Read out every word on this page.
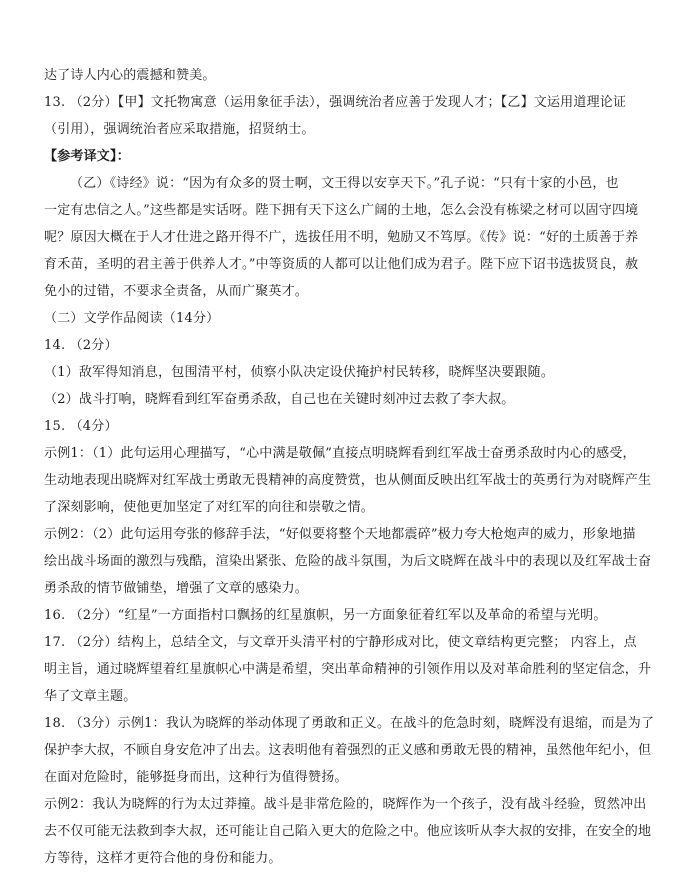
达了诗人内心的震撼和赞美。
13. （2分）【甲】文托物寓意（运用象征手法），强调统治者应善于发现人才；【乙】文运用道理论证
（引用），强调统治者应采取措施，招贤纳士。
【参考译文】：
（乙）《诗经》说：“因为有众多的贤士啊，文王得以安享天下。”孔子说：“只有十家的小邑，也
一定有忠信之人。”这些都是实话呀。陛下拥有天下这么广阔的土地，怎么会没有栋梁之材可以固守四境
呢？原因大概在于人才仕进之路开得不广，选拔任用不明，勉励又不笃厚。《传》说：“好的土质善于养
育禾苗，圣明的君主善于供养人才。”中等资质的人都可以让他们成为君子。陛下应下诏书选拔贤良，赦
免小的过错，不要求全责备，从而广聚英才。
（二）文学作品阅读（14分）
14. （2分）
（1）敌军得知消息，包围清平村，侦察小队决定设伏掩护村民转移，晓辉坚决要跟随。
（2）战斗打响，晓辉看到红军奋勇杀敌，自己也在关键时刻冲过去救了李大叔。
15. （4分）
示例1：（1）此句运用心理描写，“心中满是敬佩”直接点明晓辉看到红军战士奋勇杀敌时内心的感受，
生动地表现出晓辉对红军战士勇敢无畏精神的高度赞赏，也从侧面反映出红军战士的英勇行为对晓辉产生
了深刻影响，使他更加坚定了对红军的向往和崇敬之情。
示例2：（2）此句运用夸张的修辞手法，“好似要将整个天地都震碎”极力夸大枪炮声的威力，形象地描
绘出战斗场面的激烈与残酷，渲染出紧张、危险的战斗氛围，为后文晓辉在战斗中的表现以及红军战士奋
勇杀敌的情节做铺垫，增强了文章的感染力。
16. （2分）“红星”一方面指村口飘扬的红星旗帜，另一方面象征着红军以及革命的希望与光明。
17. （2分）结构上，总结全文，与文章开头清平村的宁静形成对比，使文章结构更完整； 内容上，点
明主旨，通过晓辉望着红星旗帜心中满是希望，突出革命精神的引领作用以及对革命胜利的坚定信念，升
华了文章主题。
18. （3分）示例1：我认为晓辉的举动体现了勇敢和正义。在战斗的危急时刻，晓辉没有退缩，而是为了
保护李大叔，不顾自身安危冲了出去。这表明他有着强烈的正义感和勇敢无畏的精神，虽然他年纪小，但
在面对危险时，能够挺身而出，这种行为值得赞扬。
示例2：我认为晓辉的行为太过莽撞。战斗是非常危险的，晓辉作为一个孩子，没有战斗经验，贸然冲出
去不仅可能无法救到李大叔，还可能让自己陷入更大的危险之中。他应该听从李大叔的安排，在安全的地
方等待，这样才更符合他的身份和能力。
